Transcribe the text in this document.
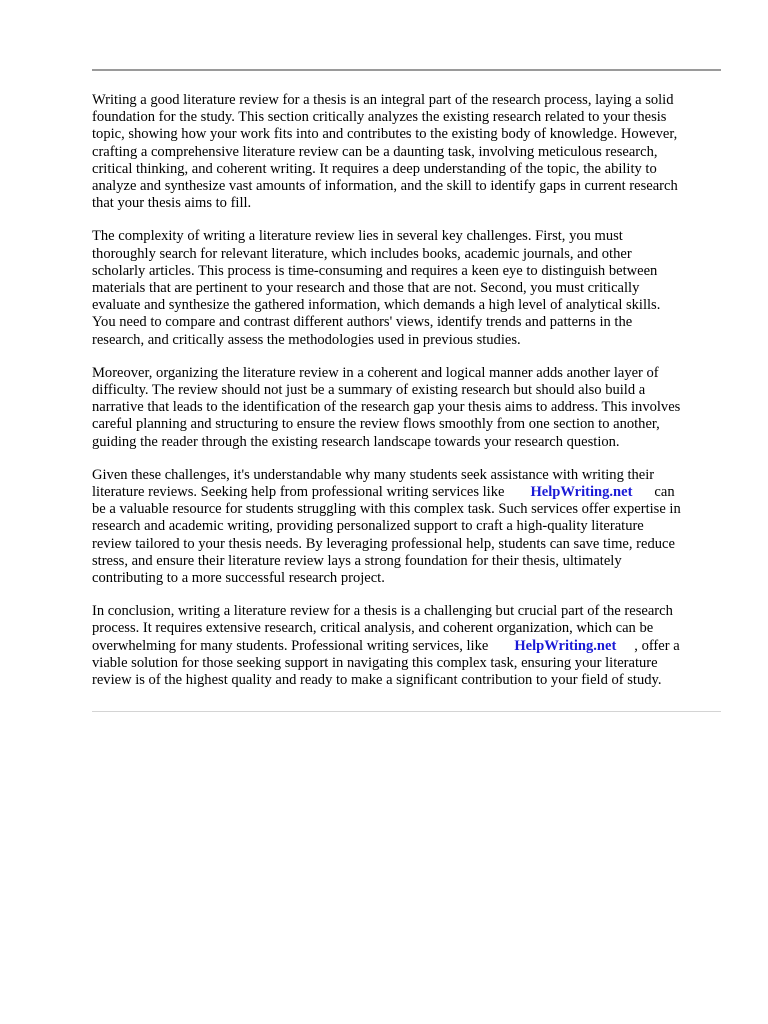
Writing a good literature review for a thesis is an integral part of the research process, laying a solid
foundation for the study. This section critically analyzes the existing research related to your thesis
topic, showing how your work fits into and contributes to the existing body of knowledge. However,
crafting a comprehensive literature review can be a daunting task, involving meticulous research,
critical thinking, and coherent writing. It requires a deep understanding of the topic, the ability to
analyze and synthesize vast amounts of information, and the skill to identify gaps in current research
that your thesis aims to fill.

The complexity of writing a literature review lies in several key challenges. First, you must
thoroughly search for relevant literature, which includes books, academic journals, and other
scholarly articles. This process is time-consuming and requires a keen eye to distinguish between
materials that are pertinent to your research and those that are not. Second, you must critically
evaluate and synthesize the gathered information, which demands a high level of analytical skills.
You need to compare and contrast different authors' views, identify trends and patterns in the
research, and critically assess the methodologies used in previous studies.

Moreover, organizing the literature review in a coherent and logical manner adds another layer of
difficulty. The review should not just be a summary of existing research but should also build a
narrative that leads to the identification of the research gap your thesis aims to address. This involves
careful planning and structuring to ensure the review flows smoothly from one section to another,
guiding the reader through the existing research landscape towards your research question.

Given these challenges, it's understandable why many students seek assistance with writing their
literature reviews. Seeking help from professional writing services like HelpWriting.net can
be a valuable resource for students struggling with this complex task. Such services offer expertise in
research and academic writing, providing personalized support to craft a high-quality literature
review tailored to your thesis needs. By leveraging professional help, students can save time, reduce
stress, and ensure their literature review lays a strong foundation for their thesis, ultimately
contributing to a more successful research project.

In conclusion, writing a literature review for a thesis is a challenging but crucial part of the research
process. It requires extensive research, critical analysis, and coherent organization, which can be
overwhelming for many students. Professional writing services, like HelpWriting.net , offer a
viable solution for those seeking support in navigating this complex task, ensuring your literature
review is of the highest quality and ready to make a significant contribution to your field of study.
